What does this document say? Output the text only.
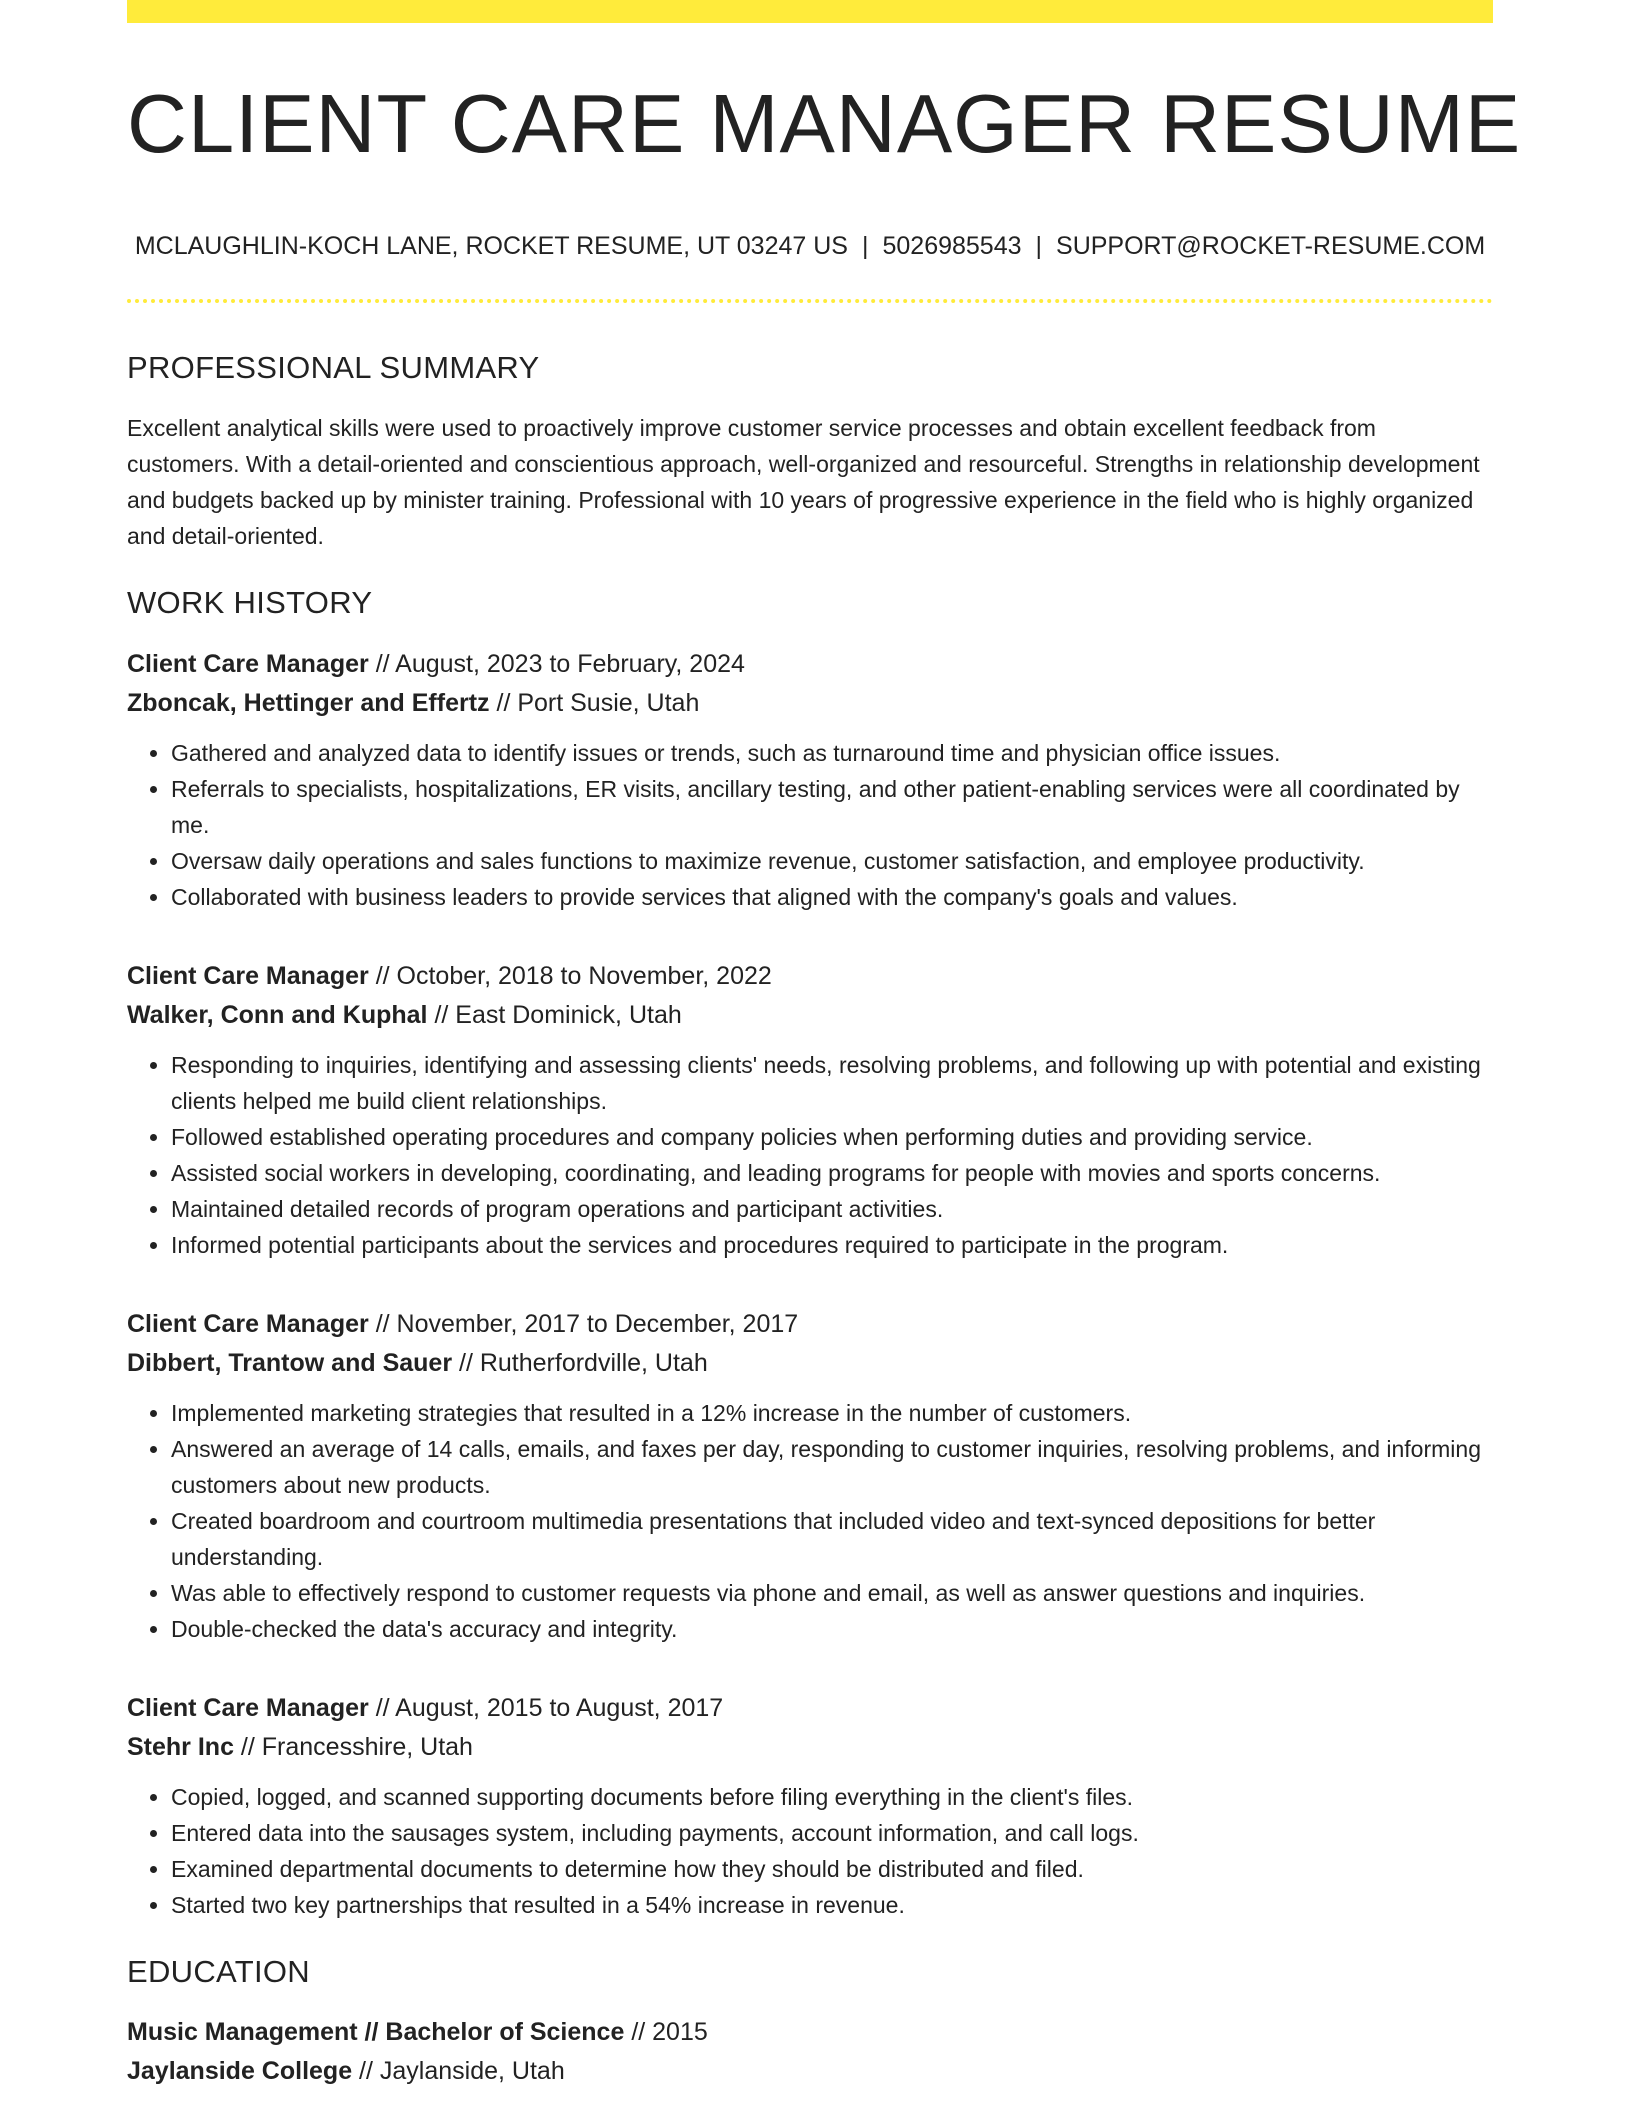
CLIENT CARE MANAGER RESUME
MCLAUGHLIN-KOCH LANE, ROCKET RESUME, UT 03247 US | 5026985543 | SUPPORT@ROCKET-RESUME.COM
PROFESSIONAL SUMMARY

Excellent analytical skills were used to proactively improve customer service processes and obtain excellent feedback from customers. With a detail-oriented and conscientious approach, well-organized and resourceful. Strengths in relationship development and budgets backed up by minister training. Professional with 10 years of progressive experience in the field who is highly organized and detail-oriented.

WORK HISTORY
Client Care Manager // August, 2023 to February, 2024
Zboncak, Hettinger and Effertz // Port Susie, Utah
• Gathered and analyzed data to identify issues or trends, such as turnaround time and physician office issues.
• Referrals to specialists, hospitalizations, ER visits, ancillary testing, and other patient-enabling services were all coordinated by me.
• Oversaw daily operations and sales functions to maximize revenue, customer satisfaction, and employee productivity.
• Collaborated with business leaders to provide services that aligned with the company's goals and values.
Client Care Manager // October, 2018 to November, 2022
Walker, Conn and Kuphal // East Dominick, Utah
• Responding to inquiries, identifying and assessing clients' needs, resolving problems, and following up with potential and existing clients helped me build client relationships.
• Followed established operating procedures and company policies when performing duties and providing service.
• Assisted social workers in developing, coordinating, and leading programs for people with movies and sports concerns.
• Maintained detailed records of program operations and participant activities.
• Informed potential participants about the services and procedures required to participate in the program.
Client Care Manager // November, 2017 to December, 2017
Dibbert, Trantow and Sauer // Rutherfordville, Utah
• Implemented marketing strategies that resulted in a 12% increase in the number of customers.
• Answered an average of 14 calls, emails, and faxes per day, responding to customer inquiries, resolving problems, and informing customers about new products.
• Created boardroom and courtroom multimedia presentations that included video and text-synced depositions for better understanding.
• Was able to effectively respond to customer requests via phone and email, as well as answer questions and inquiries.
• Double-checked the data's accuracy and integrity.
Client Care Manager // August, 2015 to August, 2017
Stehr Inc // Francesshire, Utah
• Copied, logged, and scanned supporting documents before filing everything in the client's files.
• Entered data into the sausages system, including payments, account information, and call logs.
• Examined departmental documents to determine how they should be distributed and filed.
• Started two key partnerships that resulted in a 54% increase in revenue.
EDUCATION
Music Management // Bachelor of Science // 2015
Jaylanside College // Jaylanside, Utah
